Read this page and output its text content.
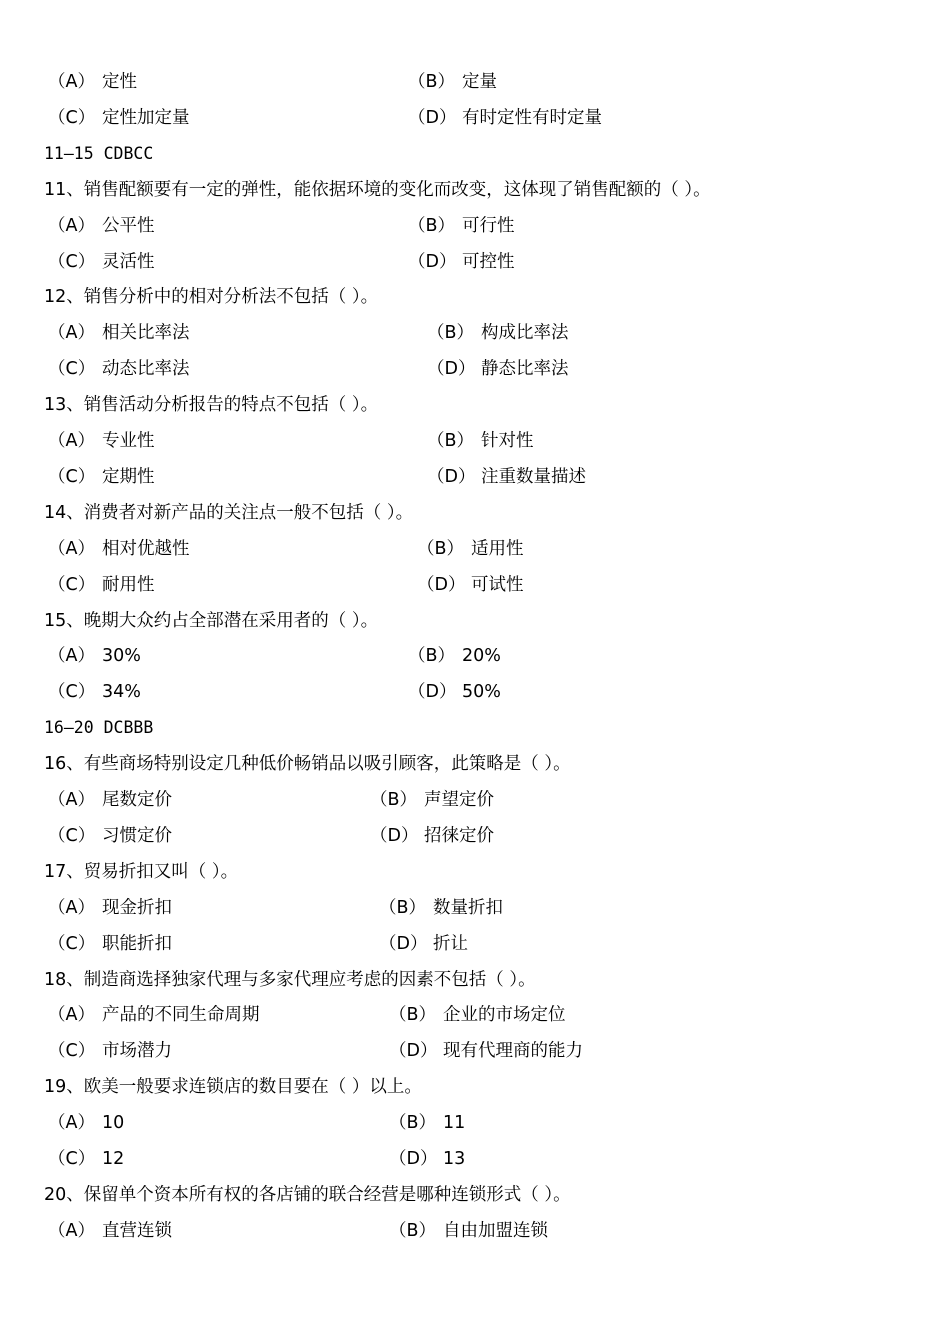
（A） 定性	（B） 定量
（C） 定性加定量	（D） 有时定性有时定量
11—15 CDBCC
11、销售配额要有一定的弹性，能依据环境的变化而改变，这体现了销售配额的（ ）。
（A） 公平性	（B） 可行性
（C） 灵活性	（D） 可控性
12、销售分析中的相对分析法不包括（ ）。
（A） 相关比率法	（B） 构成比率法
（C） 动态比率法	（D） 静态比率法
13、销售活动分析报告的特点不包括（ ）。
（A） 专业性	（B） 针对性
（C） 定期性	（D） 注重数量描述
14、消费者对新产品的关注点一般不包括（ ）。
（A） 相对优越性	（B） 适用性
（C） 耐用性	（D） 可试性
15、晚期大众约占全部潜在采用者的（ ）。
（A） 30%	（B） 20%
（C） 34%	（D） 50%
16—20 DCBBB
16、有些商场特别设定几种低价畅销品以吸引顾客，此策略是（ ）。
（A） 尾数定价	（B） 声望定价
（C） 习惯定价	（D） 招徕定价
17、贸易折扣又叫（ ）。
（A） 现金折扣	（B） 数量折扣
（C） 职能折扣	（D） 折让
18、制造商选择独家代理与多家代理应考虑的因素不包括（ ）。
（A） 产品的不同生命周期	（B） 企业的市场定位
（C） 市场潜力	（D） 现有代理商的能力
19、欧美一般要求连锁店的数目要在（ ）以上。
（A） 10	（B） 11
（C） 12	（D） 13
20、保留单个资本所有权的各店铺的联合经营是哪种连锁形式（ ）。
（A） 直营连锁	（B） 自由加盟连锁
